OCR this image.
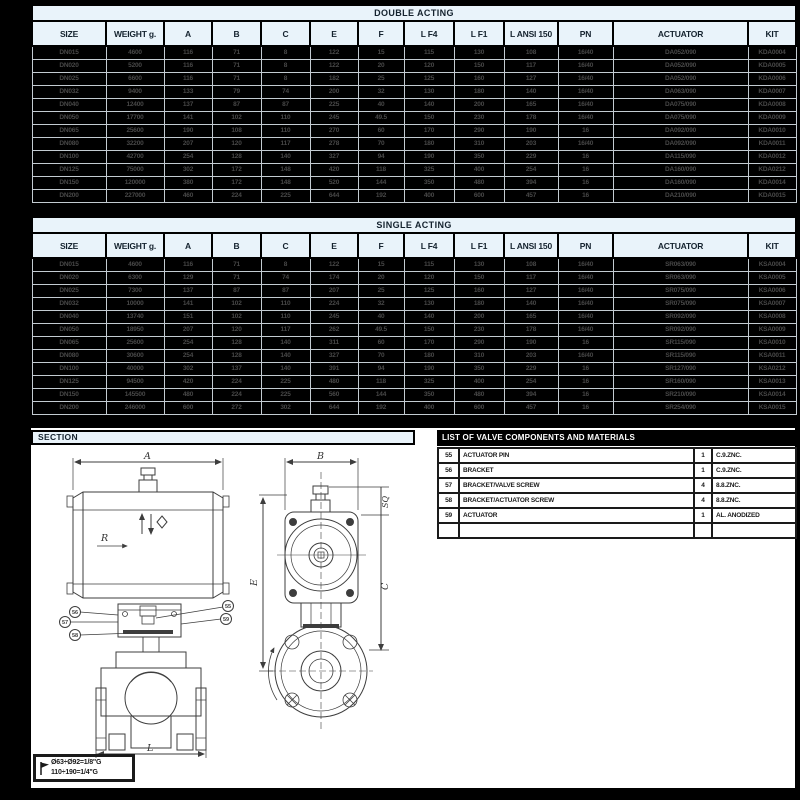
DOUBLE ACTING												
SIZE	WEIGHT g.	A	B	C	E	F	L F4	L F1	L ANSI 150	PN	ACTUATOR	KIT
DN015	4600	116	71	8	122	15	115	130	108	16/40	DA052/090	KDA0004
DN020	5200	116	71	8	122	20	120	150	117	16/40	DA052/090	KDA0005
DN025	6600	116	71	8	182	25	125	160	127	16/40	DA052/090	KDA0006
DN032	9400	133	79	74	200	32	130	180	140	16/40	DA063/090	KDA0007
DN040	12400	137	87	87	225	40	140	200	165	16/40	DA075/090	KDA0008
DN050	17700	141	102	110	245	49.5	150	230	178	16/40	DA075/090	KDA0009
DN065	25600	190	108	110	270	60	170	290	190	16	DA092/090	KDA0010
DN080	32200	207	120	117	278	70	180	310	203	16/40	DA092/090	KDA0011
DN100	42700	254	128	140	327	94	190	350	229	16	DA115/090	KDA0012
DN125	75000	302	172	148	420	118	325	400	254	16	DA160/090	KDA0212
DN150	120000	380	172	148	520	144	350	480	394	16	DA160/090	KDA0014
DN200	227000	460	224	225	644	192	400	600	457	16	DA210/090	KDA0015
SINGLE ACTING												
SIZE	WEIGHT g.	A	B	C	E	F	L F4	L F1	L ANSI 150	PN	ACTUATOR	KIT
DN015	4600	116	71	8	122	15	115	130	108	16/40	SR063/090	KSA0004
DN020	6300	129	71	74	174	20	120	150	117	16/40	SR063/090	KSA0005
DN025	7300	137	87	87	207	25	125	160	127	16/40	SR075/090	KSA0006
DN032	10000	141	102	110	224	32	130	180	140	16/40	SR075/090	KSA0007
DN040	13740	151	102	110	245	40	140	200	165	16/40	SR092/090	KSA0008
DN050	18950	207	120	117	262	49.5	150	230	178	16/40	SR092/090	KSA0009
DN065	25600	254	128	140	311	60	170	290	190	16	SR115/090	KSA0010
DN080	30600	254	128	140	327	70	180	310	203	16/40	SR115/090	KSA0011
DN100	40000	302	137	140	391	94	190	350	229	16	SR127/090	KSA0212
DN125	94500	420	224	225	480	118	325	400	254	16	SR160/090	KSA0013
DN150	145500	480	224	225	560	144	350	480	394	16	SR210/090	KSA0014
DN200	246000	600	272	302	644	192	400	600	457	16	SR254/090	KSA0015
SECTION	LIST OF VALVE COMPONENTS AND MATERIALS
55	ACTUATOR PIN	1	C.9.ZNC.
56	BRACKET	1	C.9.ZNC.
57	BRACKET/VALVE SCREW	4	8.8.ZNC.
58	BRACKET/ACTUATOR SCREW	4	8.8.ZNC.
59	ACTUATOR	1	AL. ANODIZED

56
57
58
55
59
A
L
R
B
E
SQ
C
Ø63÷Ø92=1/8"G
110÷190=1/4"G
